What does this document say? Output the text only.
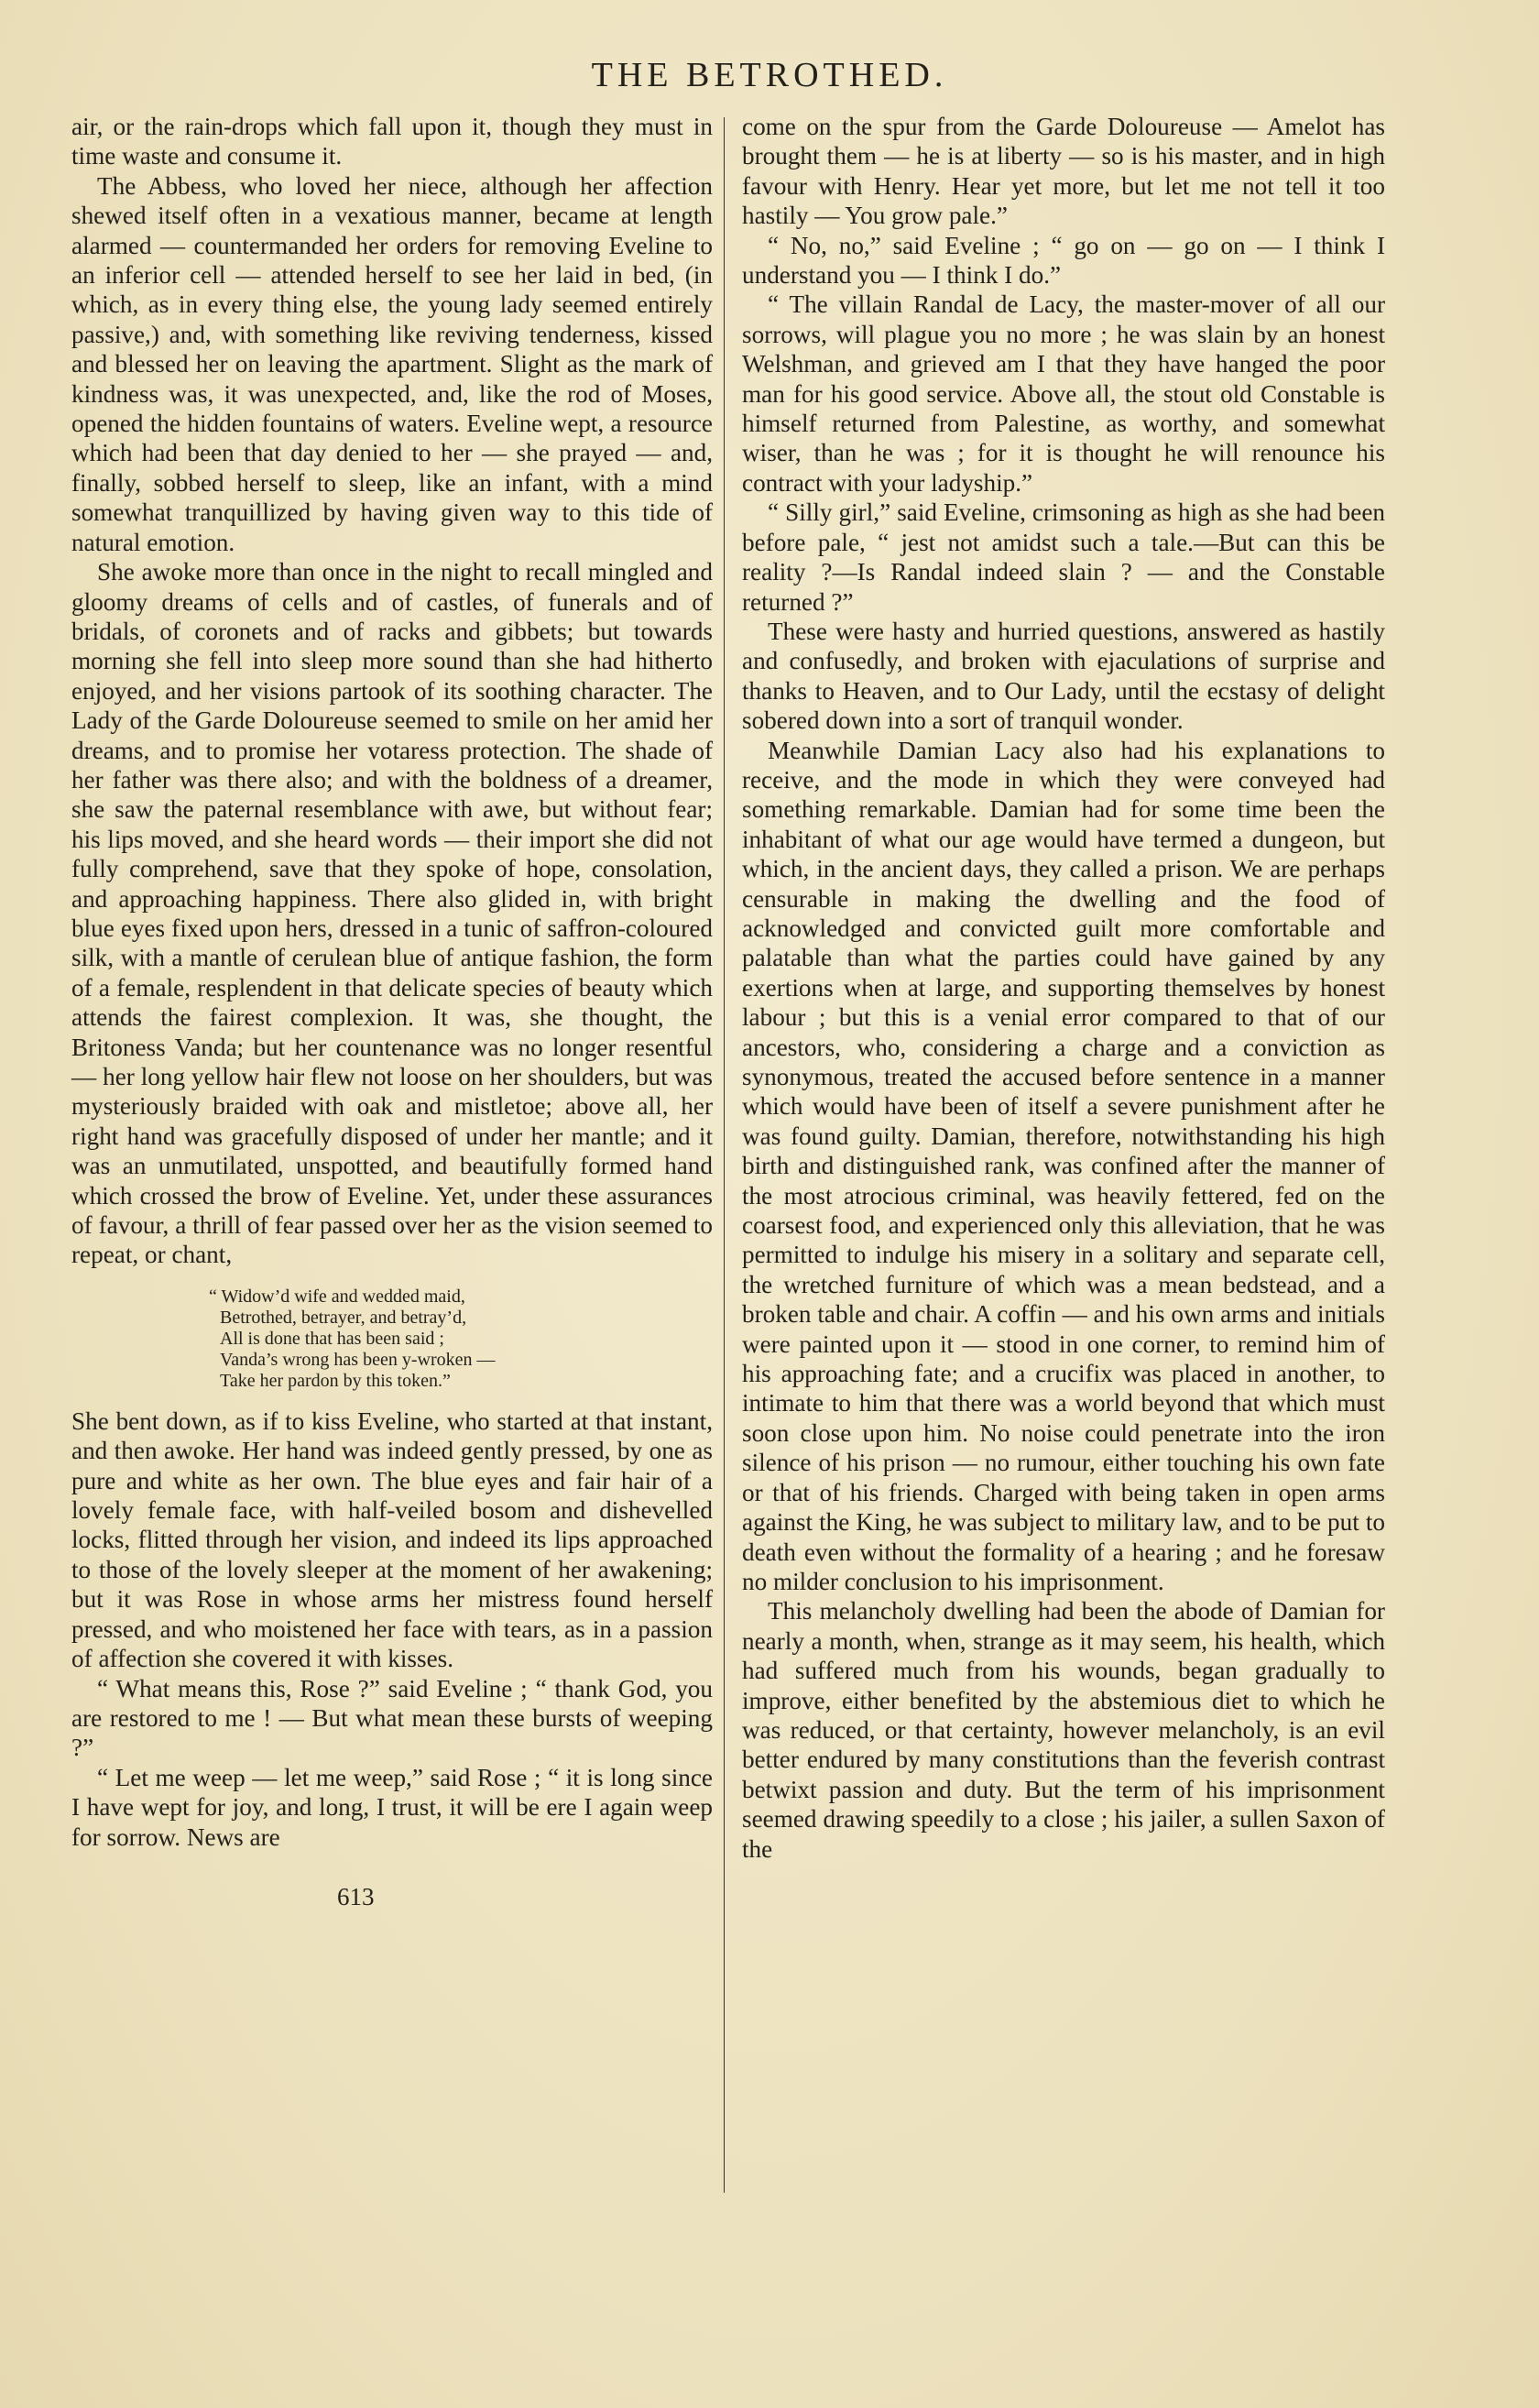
THE BETROTHED.

air, or the rain-drops which fall upon it, though they must in time waste and consume it.

The Abbess, who loved her niece, although her affection shewed itself often in a vexatious manner, became at length alarmed — countermanded her orders for removing Eveline to an inferior cell — attended herself to see her laid in bed, (in which, as in every thing else, the young lady seemed entirely passive,) and, with something like reviving tenderness, kissed and blessed her on leaving the apartment. Slight as the mark of kindness was, it was unexpected, and, like the rod of Moses, opened the hidden fountains of waters. Eveline wept, a resource which had been that day denied to her — she prayed — and, finally, sobbed herself to sleep, like an infant, with a mind somewhat tranquillized by having given way to this tide of natural emotion.

She awoke more than once in the night to recall mingled and gloomy dreams of cells and of castles, of funerals and of bridals, of coronets and of racks and gibbets; but towards morning she fell into sleep more sound than she had hitherto enjoyed, and her visions partook of its soothing character. The Lady of the Garde Doloureuse seemed to smile on her amid her dreams, and to promise her votaress protection. The shade of her father was there also; and with the boldness of a dreamer, she saw the paternal resemblance with awe, but without fear; his lips moved, and she heard words — their import she did not fully comprehend, save that they spoke of hope, consolation, and approaching happiness. There also glided in, with bright blue eyes fixed upon hers, dressed in a tunic of saffron-coloured silk, with a mantle of cerulean blue of antique fashion, the form of a female, resplendent in that delicate species of beauty which attends the fairest complexion. It was, she thought, the Britoness Vanda; but her countenance was no longer resentful — her long yellow hair flew not loose on her shoulders, but was mysteriously braided with oak and mistletoe; above all, her right hand was gracefully disposed of under her mantle; and it was an unmutilated, unspotted, and beautifully formed hand which crossed the brow of Eveline. Yet, under these assurances of favour, a thrill of fear passed over her as the vision seemed to repeat, or chant,

“ Widow’d wife and wedded maid,
Betrothed, betrayer, and betray’d,
All is done that has been said ;
Vanda’s wrong has been y-wroken —
Take her pardon by this token.”

She bent down, as if to kiss Eveline, who started at that instant, and then awoke. Her hand was indeed gently pressed, by one as pure and white as her own. The blue eyes and fair hair of a lovely female face, with half-veiled bosom and dishevelled locks, flitted through her vision, and indeed its lips approached to those of the lovely sleeper at the moment of her awakening; but it was Rose in whose arms her mistress found herself pressed, and who moistened her face with tears, as in a passion of affection she covered it with kisses.

“ What means this, Rose ?” said Eveline ; “ thank God, you are restored to me ! — But what mean these bursts of weeping ?”

“ Let me weep — let me weep,” said Rose ; “ it is long since I have wept for joy, and long, I trust, it will be ere I again weep for sorrow. News are

613

come on the spur from the Garde Doloureuse — Amelot has brought them — he is at liberty — so is his master, and in high favour with Henry. Hear yet more, but let me not tell it too hastily — You grow pale.”

“ No, no,” said Eveline ; “ go on — go on — I think I understand you — I think I do.”

“ The villain Randal de Lacy, the master-mover of all our sorrows, will plague you no more ; he was slain by an honest Welshman, and grieved am I that they have hanged the poor man for his good service. Above all, the stout old Constable is himself returned from Palestine, as worthy, and somewhat wiser, than he was ; for it is thought he will renounce his contract with your ladyship.”

“ Silly girl,” said Eveline, crimsoning as high as she had been before pale, “ jest not amidst such a tale.—But can this be reality ?—Is Randal indeed slain ? — and the Constable returned ?”

These were hasty and hurried questions, answered as hastily and confusedly, and broken with ejaculations of surprise and thanks to Heaven, and to Our Lady, until the ecstasy of delight sobered down into a sort of tranquil wonder.

Meanwhile Damian Lacy also had his explanations to receive, and the mode in which they were conveyed had something remarkable. Damian had for some time been the inhabitant of what our age would have termed a dungeon, but which, in the ancient days, they called a prison. We are perhaps censurable in making the dwelling and the food of acknowledged and convicted guilt more comfortable and palatable than what the parties could have gained by any exertions when at large, and supporting themselves by honest labour ; but this is a venial error compared to that of our ancestors, who, considering a charge and a conviction as synonymous, treated the accused before sentence in a manner which would have been of itself a severe punishment after he was found guilty. Damian, therefore, notwithstanding his high birth and distinguished rank, was confined after the manner of the most atrocious criminal, was heavily fettered, fed on the coarsest food, and experienced only this alleviation, that he was permitted to indulge his misery in a solitary and separate cell, the wretched furniture of which was a mean bedstead, and a broken table and chair. A coffin — and his own arms and initials were painted upon it — stood in one corner, to remind him of his approaching fate; and a crucifix was placed in another, to intimate to him that there was a world beyond that which must soon close upon him. No noise could penetrate into the iron silence of his prison — no rumour, either touching his own fate or that of his friends. Charged with being taken in open arms against the King, he was subject to military law, and to be put to death even without the formality of a hearing ; and he foresaw no milder conclusion to his imprisonment.

This melancholy dwelling had been the abode of Damian for nearly a month, when, strange as it may seem, his health, which had suffered much from his wounds, began gradually to improve, either benefited by the abstemious diet to which he was reduced, or that certainty, however melancholy, is an evil better endured by many constitutions than the feverish contrast betwixt passion and duty. But the term of his imprisonment seemed drawing speedily to a close ; his jailer, a sullen Saxon of the
